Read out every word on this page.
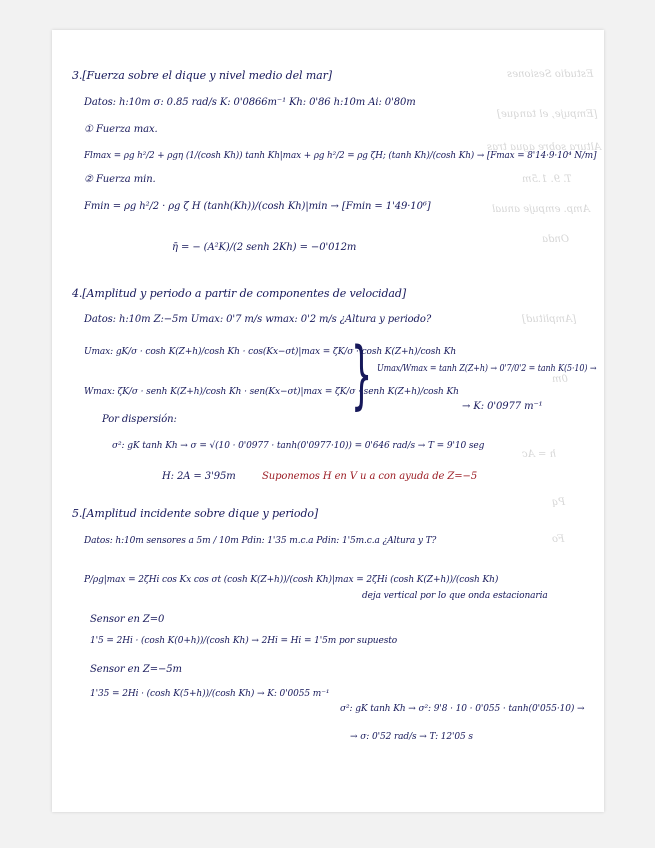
Estudio Sesiones
[Empuje, el tanque]
Altura sobre agua tras
T. 9. 1.5m
Amp. empuje anual
Onda
[Amplitud]
0m
h = Ac
Pq
Fo
3.[Fuerza sobre el dique y nivel medio del mar]
Datos: h:10m σ: 0.85 rad/s K: 0'0866m⁻¹ Kh: 0'86 h:10m Ai: 0'80m
① Fuerza max.
Flmax = ρg h²/2 + ρgη (1/(cosh Kh)) tanh Kh|max + ρg h²/2 = ρg ζH; (tanh Kh)/(cosh Kh) → [Fmax = 8'14·9·10⁴ N/m]
② Fuerza min.
Fmin = ρg h²/2 · ρg ζ H (tanh(Kh))/(cosh Kh)|min → [Fmin = 1'49·10⁶]
η̄ = − (A²K)/(2 senh 2Kh) = −0'012m
4.[Amplitud y periodo a partir de componentes de velocidad]
Datos: h:10m Z:−5m Umax: 0'7 m/s wmax: 0'2 m/s ¿Altura y periodo?
Umax: gK/σ · cosh K(Z+h)/cosh Kh · cos(Kx−σt)|max = ζK/σ · cosh K(Z+h)/cosh Kh
Wmax: ζK/σ · senh K(Z+h)/cosh Kh · sen(Kx−σt)|max = ζK/σ · senh K(Z+h)/cosh Kh
} Umax/Wmax = tanh Z(Z+h) → 0'7/0'2 = tanh K(5·10) →
→ K: 0'0977 m⁻¹
Por dispersión:
σ²: gK tanh Kh → σ = √(10 · 0'0977 · tanh(0'0977·10)) = 0'646 rad/s → T = 9'10 seg
H: 2A = 3'95m	Suponemos H en V u a con ayuda de Z=−5
5.[Amplitud incidente sobre dique y periodo]
Datos: h:10m sensores a 5m / 10m Pdin: 1'35 m.c.a Pdin: 1'5m.c.a ¿Altura y T?
P/ρg|max = 2ζHi cos Kx cos σt (cosh K(Z+h))/(cosh Kh)|max = 2ζHi (cosh K(Z+h))/(cosh Kh)
deja vertical por lo que onda estacionaria
Sensor en Z=0
1'5 = 2Hi · (cosh K(0+h))/(cosh Kh) → 2Hi = Hi = 1'5m por supuesto
Sensor en Z=−5m
1'35 = 2Hi · (cosh K(5+h))/(cosh Kh) → K: 0'0055 m⁻¹
σ²: gK tanh Kh → σ²: 9'8 · 10 · 0'055 · tanh(0'055·10) →
→ σ: 0'52 rad/s → T: 12'05 s
